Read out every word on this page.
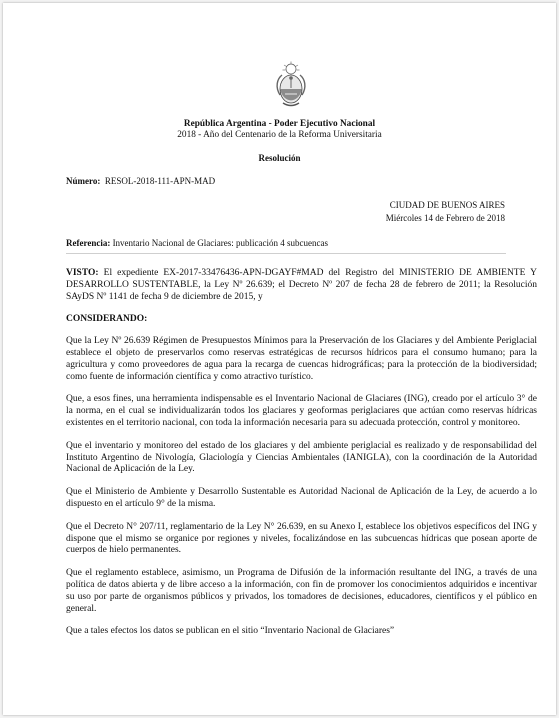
República Argentina - Poder Ejecutivo Nacional
2018 - Año del Centenario de la Reforma Universitaria
Resolución
Número: RESOL-2018-111-APN-MAD
CIUDAD DE BUENOS AIRES
Miércoles 14 de Febrero de 2018
Referencia: Inventario Nacional de Glaciares: publicación 4 subcuencas

VISTO: El expediente EX-2017-33476436-APN-DGAYF#MAD del Registro del MINISTERIO DE AMBIENTE Y DESARROLLO SUSTENTABLE, la Ley Nº 26.639; el Decreto Nº 207 de fecha 28 de febrero de 2011; la Resolución SAyDS Nº 1141 de fecha 9 de diciembre de 2015, y

CONSIDERANDO:

Que la Ley Nº 26.639 Régimen de Presupuestos Mínimos para la Preservación de los Glaciares y del Ambiente Periglacial establece el objeto de preservarlos como reservas estratégicas de recursos hídricos para el consumo humano; para la agricultura y como proveedores de agua para la recarga de cuencas hidrográficas; para la protección de la biodiversidad; como fuente de información científica y como atractivo turístico.

Que, a esos fines, una herramienta indispensable es el Inventario Nacional de Glaciares (ING), creado por el artículo 3° de la norma, en el cual se individualizarán todos los glaciares y geoformas periglaciares que actúan como reservas hídricas existentes en el territorio nacional, con toda la información necesaria para su adecuada protección, control y monitoreo.

Que el inventario y monitoreo del estado de los glaciares y del ambiente periglacial es realizado y de responsabilidad del Instituto Argentino de Nivología, Glaciología y Ciencias Ambientales (IANIGLA), con la coordinación de la Autoridad Nacional de Aplicación de la Ley.

Que el Ministerio de Ambiente y Desarrollo Sustentable es Autoridad Nacional de Aplicación de la Ley, de acuerdo a lo dispuesto en el artículo 9° de la misma.

Que el Decreto N° 207/11, reglamentario de la Ley N° 26.639, en su Anexo I, establece los objetivos específicos del ING y dispone que el mismo se organice por regiones y niveles, focalizándose en las subcuencas hídricas que posean aporte de cuerpos de hielo permanentes.

Que el reglamento establece, asimismo, un Programa de Difusión de la información resultante del ING, a través de una política de datos abierta y de libre acceso a la información, con fin de promover los conocimientos adquiridos e incentivar su uso por parte de organismos públicos y privados, los tomadores de decisiones, educadores, científicos y el público en general.

Que a tales efectos los datos se publican en el sitio “Inventario Nacional de Glaciares”
